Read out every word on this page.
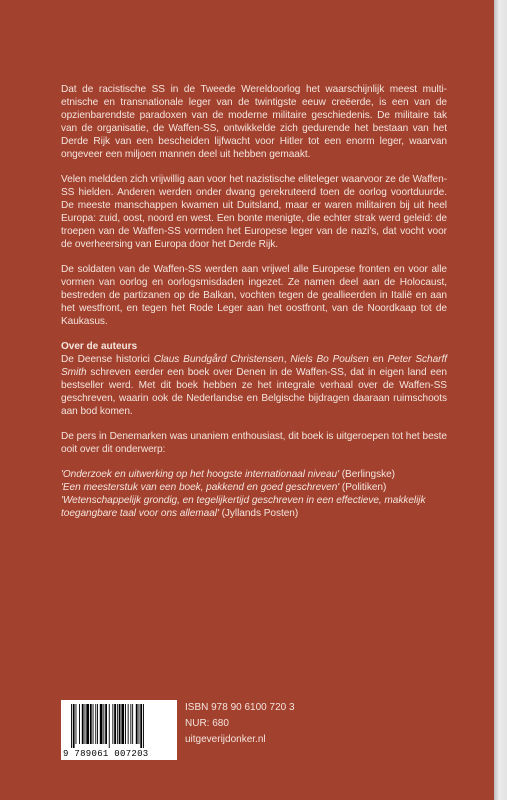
Dat de racistische SS in de Tweede Wereldoorlog het waarschijnlijk meest multi-etnische en transnationale leger van de twintigste eeuw creëerde, is een van de opzienbarendste paradoxen van de moderne militaire geschiedenis. De militaire tak van de organisatie, de Waffen-SS, ontwikkelde zich gedurende het bestaan van het Derde Rijk van een bescheiden lijfwacht voor Hitler tot een enorm leger, waarvan ongeveer een miljoen mannen deel uit hebben gemaakt.

Velen meldden zich vrijwillig aan voor het nazistische eliteleger waarvoor ze de Waffen-SS hielden. Anderen werden onder dwang gerekruteerd toen de oorlog voortduurde. De meeste manschappen kwamen uit Duitsland, maar er waren militairen bij uit heel Europa: zuid, oost, noord en west. Een bonte menigte, die echter strak werd geleid: de troepen van de Waffen-SS vormden het Europese leger van de nazi's, dat vocht voor de overheersing van Europa door het Derde Rijk.

De soldaten van de Waffen-SS werden aan vrijwel alle Europese fronten en voor alle vormen van oorlog en oorlogsmisdaden ingezet. Ze namen deel aan de Holocaust, bestreden de partizanen op de Balkan, vochten tegen de geallieerden in Italië en aan het westfront, en tegen het Rode Leger aan het oostfront, van de Noordkaap tot de Kaukasus.

Over de auteurs

De Deense historici Claus Bundgård Christensen, Niels Bo Poulsen en Peter Scharff Smith schreven eerder een boek over Denen in de Waffen-SS, dat in eigen land een bestseller werd. Met dit boek hebben ze het integrale verhaal over de Waffen-SS geschreven, waarin ook de Nederlandse en Belgische bijdragen daaraan ruimschoots aan bod komen.

De pers in Denemarken was unaniem enthousiast, dit boek is uitgeroepen tot het beste ooit over dit onderwerp:

'Onderzoek en uitwerking op het hoogste internationaal niveau' (Berlingske)
'Een meesterstuk van een boek, pakkend en goed geschreven' (Politiken)
'Wetenschappelijk grondig, en tegelijkertijd geschreven in een effectieve, makkelijk toegangbare taal voor ons allemaal' (Jyllands Posten)
9 789061 007203
ISBN 978 90 6100 720 3
NUR: 680
uitgeverijdonker.nl
